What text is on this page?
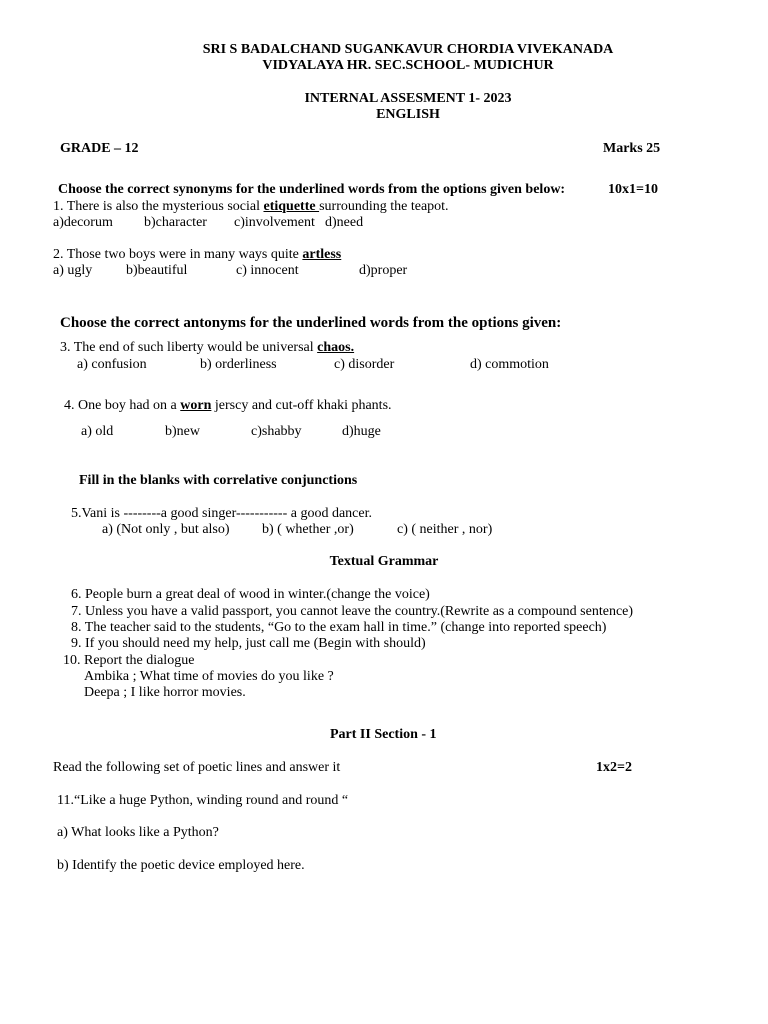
SRI S BADALCHAND SUGANKAVUR CHORDIA VIVEKANADA
VIDYALAYA HR. SEC.SCHOOL- MUDICHUR
INTERNAL ASSESMENT 1- 2023
ENGLISH
GRADE – 12	Marks 25
Choose the correct synonyms for the underlined words from the options given below:	10x1=10
1. There is also the mysterious social etiquette surrounding the teapot.
a)decorum b)character c)involvement d)need
2. Those two boys were in many ways quite artless
a) ugly b)beautiful	c) innocent	d)proper
Choose the correct antonyms for the underlined words from the options given:
3. The end of such liberty would be universal chaos.
a) confusion	b) orderliness	c) disorder	d) commotion
4. One boy had on a worn jerscy and cut-off khaki phants.
a) old	b)new	c)shabby	d)huge
Fill in the blanks with correlative conjunctions
5.Vani is --------a good singer----------- a good dancer.
a) (Not only , but also) b) ( whether ,or)	c) ( neither , nor)
Textual Grammar
6. People burn a great deal of wood in winter.(change the voice)
7. Unless you have a valid passport, you cannot leave the country.(Rewrite as a compound sentence)
8. The teacher said to the students, “Go to the exam hall in time.” (change into reported speech)
9. If you should need my help, just call me (Begin with should)
10. Report the dialogue
Ambika ; What time of movies do you like ?
Deepa ; I like horror movies.
Part II Section - 1
Read the following set of poetic lines and answer it	1x2=2
11.“Like a huge Python, winding round and round “
a) What looks like a Python?
b) Identify the poetic device employed here.
